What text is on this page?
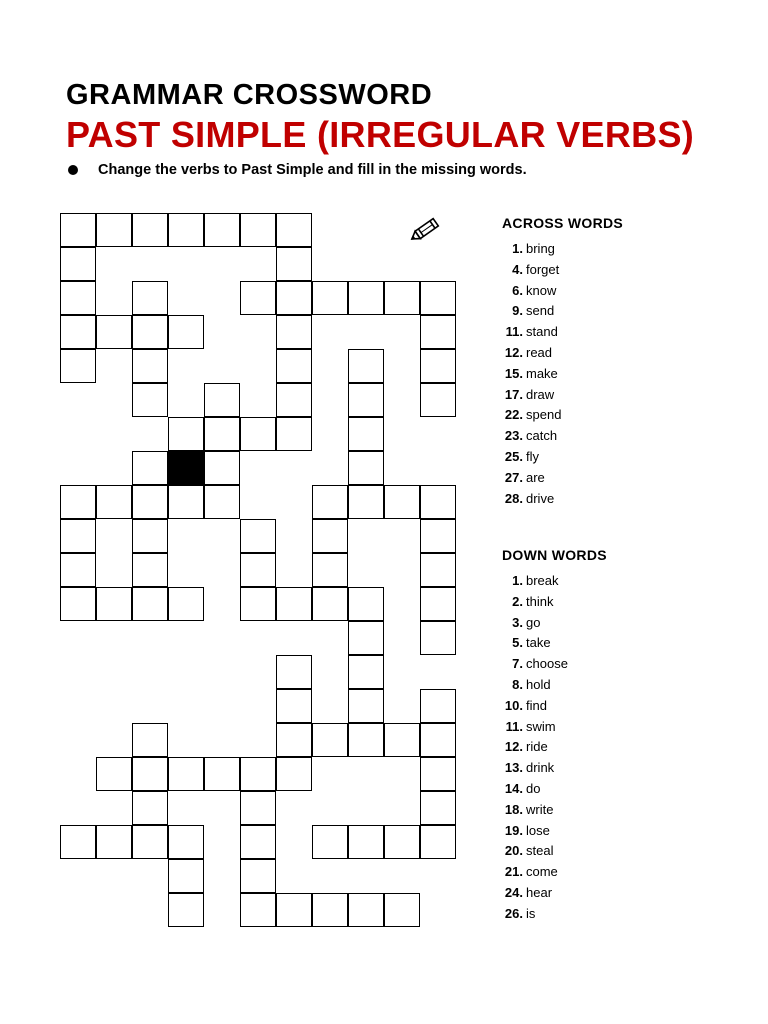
GRAMMAR CROSSWORD
PAST SIMPLE (IRREGULAR VERBS)
Change the verbs to Past Simple and fill in the missing words.
ACROSS WORDS
1. bring
4. forget
6. know
9. send
11. stand
12. read
15. make
17. draw
22. spend
23. catch
25. fly
27. are
28. drive
DOWN WORDS
1. break
2. think
3. go
5. take
7. choose
8. hold
10. find
11. swim
12. ride
13. drink
14. do
18. write
19. lose
20. steal
21. come
24. hear
26. is
